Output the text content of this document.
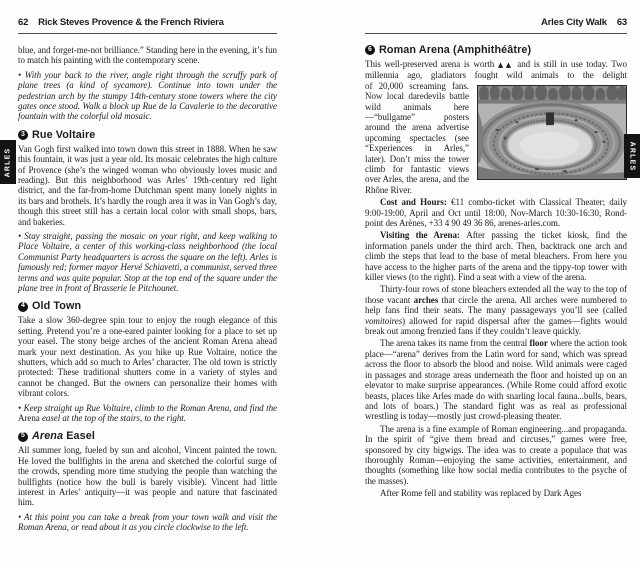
62 Rick Steves Provence & the French Riviera

blue, and forget-me-not brilliance.” Standing here in the evening, it’s fun to match his painting with the contemporary scene.

• With your back to the river, angle right through the scruffy park of plane trees (a kind of sycamore). Continue into town under the pedestrian arch by the stumpy 14th-century stone towers where the city gates once stood. Walk a block up Rue de la Cavalerie to the decorative fountain with the colorful old mosaic.

3 Rue Voltaire

Van Gogh first walked into town down this street in 1888. When he saw this fountain, it was just a year old. Its mosaic celebrates the high culture of Provence (she’s the winged woman who obviously loves music and reading). But this neighborhood was Arles’ 19th-century red light district, and the far-from-home Dutchman spent many lonely nights in its bars and brothels. It’s hardly the rough area it was in Van Gogh’s day, though this street still has a certain local color with small shops, bars, and bakeries.

• Stay straight, passing the mosaic on your right, and keep walking to Place Voltaire, a center of this working-class neighborhood (the local Communist Party headquarters is across the square on the left). Arles is famously red; former mayor Hervé Schiavetti, a communist, served three terms and was quite popular. Stop at the top end of the square under the plane tree in front of Brasserie le Pitchounet.

4 Old Town

Take a slow 360-degree spin tour to enjoy the rough elegance of this setting. Pretend you’re a one-eared painter looking for a place to set up your easel. The stony beige arches of the ancient Roman Arena ahead mark your next destination. As you hike up Rue Voltaire, notice the shutters, which add so much to Arles’ character. The old town is strictly protected: These traditional shutters come in a variety of styles and cannot be changed. But the owners can personalize their homes with vibrant colors.

• Keep straight up Rue Voltaire, climb to the Roman Arena, and find the Arena easel at the top of the stairs, to the right.

5 Arena Easel

All summer long, fueled by sun and alcohol, Vincent painted the town. He loved the bullfights in the arena and sketched the colorful surge of the crowds, spending more time studying the people than watching the bullfights (notice how the bull is barely visible). Vincent had little interest in Arles’ antiquity—it was people and nature that fascinated him.

• At this point you can take a break from your town walk and visit the Roman Arena, or read about it as you circle clockwise to the left.

Arles City Walk 63
6 Roman Arena (Amphithéâtre)

This well-preserved arena is worth ▲▲ and is still in use today. Two millennia ago, gladiators fought wild animals to the delight

of 20,000 screaming fans. Now local daredevils battle wild animals here—“bullgame” posters around the arena advertise upcoming spectacles (see “Experiences in Arles,” later). Don’t miss the tower climb for fantastic views over Arles, the arena, and the Rhône River.

Cost and Hours: €11 combo-ticket with Classical Theater; daily 9:00-19:00, April and Oct until 18:00, Nov-March 10:30-16:30, Rond-point des Arènes, +33 4 90 49 36 86, arenes-arles.com.

Visiting the Arena: After passing the ticket kiosk, find the information panels under the third arch. Then, backtrack one arch and climb the steps that lead to the base of metal bleachers. From here you have access to the higher parts of the arena and the tippy-top tower with killer views (to the right). Find a seat with a view of the arena.

Thirty-four rows of stone bleachers extended all the way to the top of those vacant arches that circle the arena. All arches were numbered to help fans find their seats. The many passageways you’ll see (called vomitoires) allowed for rapid dispersal after the games—fights would break out among frenzied fans if they couldn’t leave quickly.

The arena takes its name from the central floor where the action took place—“arena” derives from the Latin word for sand, which was spread across the floor to absorb the blood and noise. Wild animals were caged in passages and storage areas underneath the floor and hoisted up on an elevator to make surprise appearances. (While Rome could afford exotic beasts, places like Arles made do with snarling local fauna...bulls, bears, and lots of boars.) The standard fight was as real as professional wrestling is today—mostly just crowd-pleasing theater.

The arena is a fine example of Roman engineering...and propaganda. In the spirit of “give them bread and circuses,” games were free, sponsored by city bigwigs. The idea was to create a populace that was thoroughly Roman—enjoying the same activities, entertainment, and thoughts (something like how social media contributes to the psyche of the masses).

After Rome fell and stability was replaced by Dark Ages

ARLES	ARLES
